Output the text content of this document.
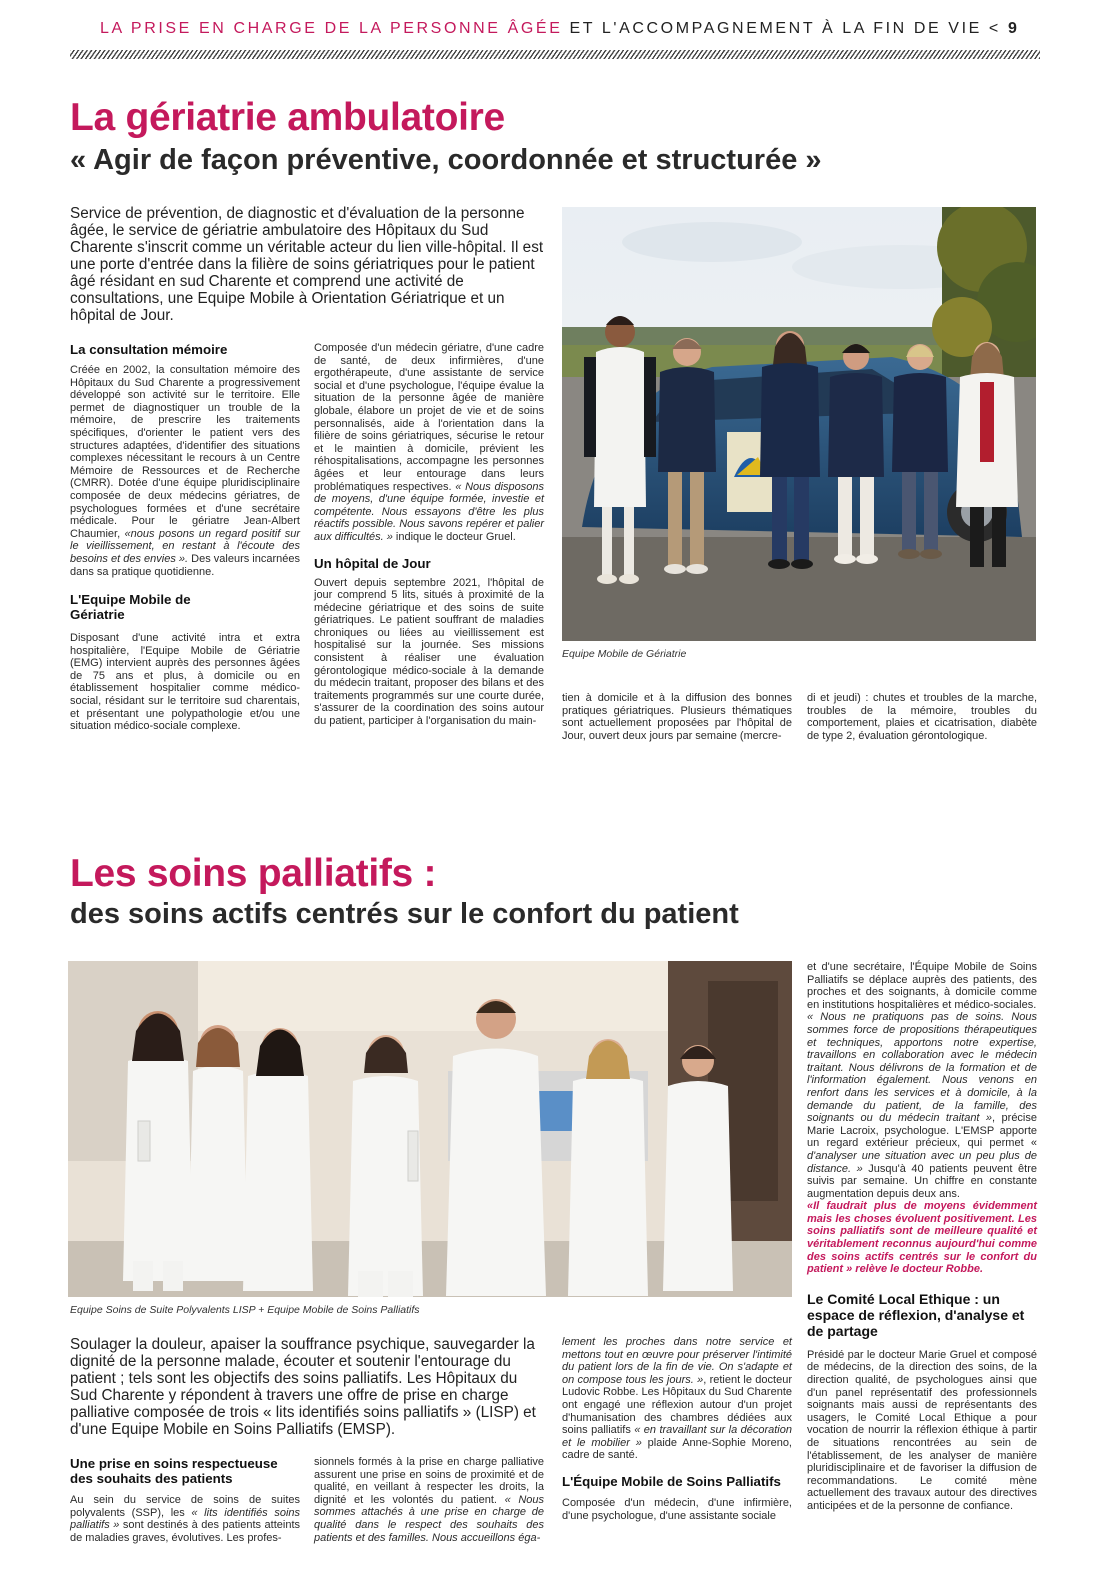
LA PRISE EN CHARGE DE LA PERSONNE ÂGÉE ET L'ACCOMPAGNEMENT À LA FIN DE VIE < 9
La gériatrie ambulatoire
« Agir de façon préventive, coordonnée et structurée »
Service de prévention, de diagnostic et d'évaluation de la personne âgée, le service de gériatrie ambulatoire des Hôpitaux du Sud Charente s'inscrit comme un véritable acteur du lien ville-hôpital. Il est une porte d'entrée dans la filière de soins gériatriques pour le patient âgé résidant en sud Charente et comprend une activité de consultations, une Equipe Mobile à Orientation Gériatrique et un hôpital de Jour.
Equipe Mobile de Gériatrie
La consultation mémoire

Créée en 2002, la consultation mémoire des Hôpitaux du Sud Charente a progressivement développé son activité sur le territoire. Elle permet de diagnostiquer un trouble de la mémoire, de prescrire les traitements spécifiques, d'orienter le patient vers des structures adaptées, d'identifier des situations complexes nécessitant le recours à un Centre Mémoire de Ressources et de Recherche (CMRR). Dotée d'une équipe pluridisciplinaire composée de deux médecins gériatres, de psychologues formées et d'une secrétaire médicale. Pour le gériatre Jean-Albert Chaumier, «nous posons un regard positif sur le vieillissement, en restant à l'écoute des besoins et des envies ». Des valeurs incarnées dans sa pratique quotidienne.

L'Equipe Mobile de Gériatrie

Disposant d'une activité intra et extra hospitalière, l'Equipe Mobile de Gériatrie (EMG) intervient auprès des personnes âgées de 75 ans et plus, à domicile ou en établissement hospitalier comme médico-social, résidant sur le territoire sud charentais, et présentant une polypathologie et/ou une situation médico-sociale complexe.

Composée d'un médecin gériatre, d'une cadre de santé, de deux infirmières, d'une ergothérapeute, d'une assistante de service social et d'une psychologue, l'équipe évalue la situation de la personne âgée de manière globale, élabore un projet de vie et de soins personnalisés, aide à l'orientation dans la filière de soins gériatriques, sécurise le retour et le maintien à domicile, prévient les réhospitalisations, accompagne les personnes âgées et leur entourage dans leurs problématiques respectives. « Nous disposons de moyens, d'une équipe formée, investie et compétente. Nous essayons d'être les plus réactifs possible. Nous savons repérer et palier aux difficultés. » indique le docteur Gruel.

Un hôpital de Jour

Ouvert depuis septembre 2021, l'hôpital de jour comprend 5 lits, situés à proximité de la médecine gériatrique et des soins de suite gériatriques. Le patient souffrant de maladies chroniques ou liées au vieillissement est hospitalisé sur la journée. Ses missions consistent à réaliser une évaluation gérontologique médico-sociale à la demande du médecin traitant, proposer des bilans et des traitements programmés sur une courte durée, s'assurer de la coordination des soins autour du patient, participer à l'organisation du main-

tien à domicile et à la diffusion des bonnes pratiques gériatriques. Plusieurs thématiques sont actuellement proposées par l'hôpital de Jour, ouvert deux jours par semaine (mercre-

di et jeudi) : chutes et troubles de la marche, troubles de la mémoire, troubles du comportement, plaies et cicatrisation, diabète de type 2, évaluation gérontologique.

Les soins palliatifs :
des soins actifs centrés sur le confort du patient
Equipe Soins de Suite Polyvalents LISP + Equipe Mobile de Soins Palliatifs

et d'une secrétaire, l'Équipe Mobile de Soins Palliatifs se déplace auprès des patients, des proches et des soignants, à domicile comme en institutions hospitalières et médico-sociales.

« Nous ne pratiquons pas de soins. Nous sommes force de propositions thérapeutiques et techniques, apportons notre expertise, travaillons en collaboration avec le médecin traitant. Nous délivrons de la formation et de l'information également. Nous venons en renfort dans les services et à domicile, à la demande du patient, de la famille, des soignants ou du médecin traitant », précise Marie Lacroix, psychologue. L'EMSP apporte un regard extérieur précieux, qui permet « d'analyser une situation avec un peu plus de distance. » Jusqu'à 40 patients peuvent être suivis par semaine. Un chiffre en constante augmentation depuis deux ans.

«Il faudrait plus de moyens évidemment mais les choses évoluent positivement. Les soins palliatifs sont de meilleure qualité et véritablement reconnus aujourd'hui comme des soins actifs centrés sur le confort du patient » relève le docteur Robbe.

Le Comité Local Ethique : un espace de réflexion, d'analyse et de partage

Présidé par le docteur Marie Gruel et composé de médecins, de la direction des soins, de la direction qualité, de psychologues ainsi que d'un panel représentatif des professionnels soignants mais aussi de représentants des usagers, le Comité Local Ethique a pour vocation de nourrir la réflexion éthique à partir de situations rencontrées au sein de l'établissement, de les analyser de manière pluridisciplinaire et de favoriser la diffusion de recommandations. Le comité mène actuellement des travaux autour des directives anticipées et de la personne de confiance.

Soulager la douleur, apaiser la souffrance psychique, sauvegarder la dignité de la personne malade, écouter et soutenir l'entourage du patient ; tels sont les objectifs des soins palliatifs. Les Hôpitaux du Sud Charente y répondent à travers une offre de prise en charge palliative composée de trois « lits identifiés soins palliatifs » (LISP) et d'une Equipe Mobile en Soins Palliatifs (EMSP).
Une prise en soins respectueuse des souhaits des patients

Au sein du service de soins de suites polyvalents (SSP), les « lits identifiés soins palliatifs » sont destinés à des patients atteints de maladies graves, évolutives. Les profes-

sionnels formés à la prise en charge palliative assurent une prise en soins de proximité et de qualité, en veillant à respecter les droits, la dignité et les volontés du patient. « Nous sommes attachés à une prise en charge de qualité dans le respect des souhaits des patients et des familles. Nous accueillons éga-

lement les proches dans notre service et mettons tout en œuvre pour préserver l'intimité du patient lors de la fin de vie. On s'adapte et on compose tous les jours. », retient le docteur Ludovic Robbe. Les Hôpitaux du Sud Charente ont engagé une réflexion autour d'un projet d'humanisation des chambres dédiées aux soins palliatifs « en travaillant sur la décoration et le mobilier » plaide Anne-Sophie Moreno, cadre de santé.

L'Équipe Mobile de Soins Palliatifs

Composée d'un médecin, d'une infirmière, d'une psychologue, d'une assistante sociale
